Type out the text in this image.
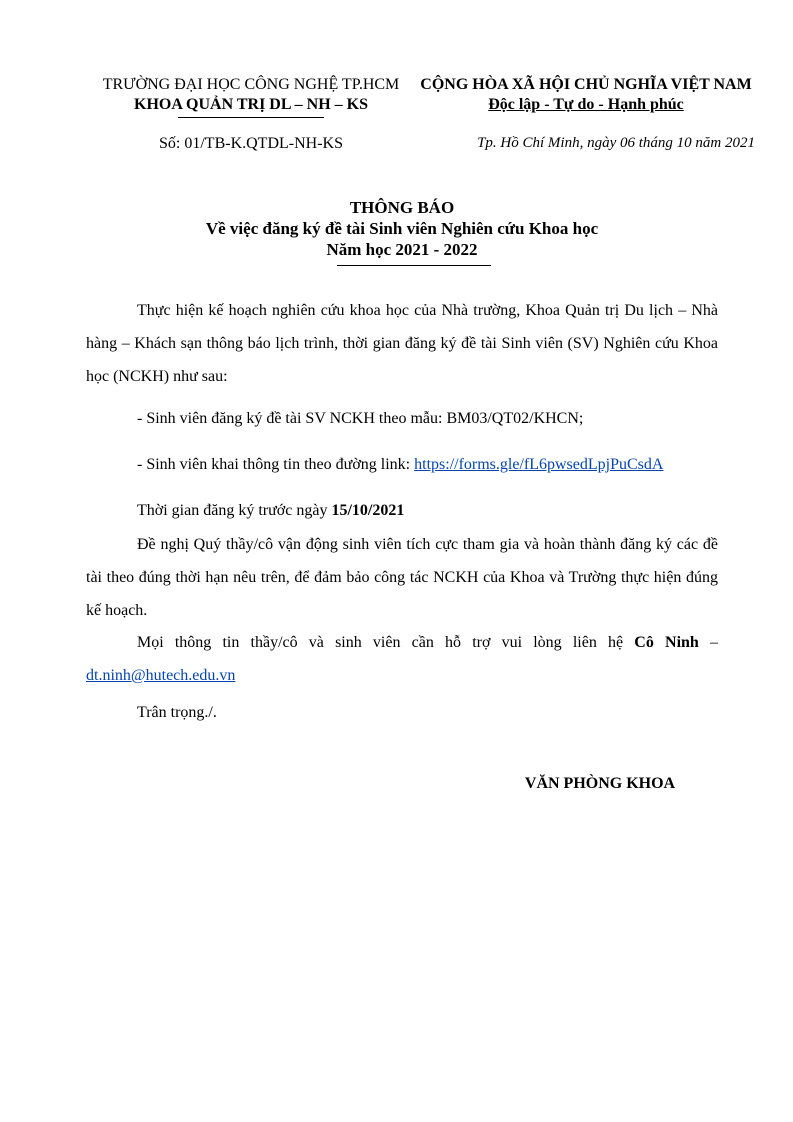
TRƯỜNG ĐẠI HỌC CÔNG NGHỆ TP.HCM
KHOA QUẢN TRỊ DL – NH – KS
CỘNG HÒA XÃ HỘI CHỦ NGHĨA VIỆT NAM
Độc lập - Tự do - Hạnh phúc
Số: 01/TB-K.QTDL-NH-KS	Tp. Hồ Chí Minh, ngày 06 tháng 10 năm 2021
THÔNG BÁO
Về việc đăng ký đề tài Sinh viên Nghiên cứu Khoa học
Năm học 2021 - 2022
Thực hiện kế hoạch nghiên cứu khoa học của Nhà trường, Khoa Quản trị Du lịch – Nhà hàng – Khách sạn thông báo lịch trình, thời gian đăng ký đề tài Sinh viên (SV) Nghiên cứu Khoa học (NCKH) như sau:
- Sinh viên đăng ký đề tài SV NCKH theo mẫu: BM03/QT02/KHCN;
- Sinh viên khai thông tin theo đường link: https://forms.gle/fL6pwsedLpjPuCsdA
Thời gian đăng ký trước ngày 15/10/2021
Đề nghị Quý thầy/cô vận động sinh viên tích cực tham gia và hoàn thành đăng ký các đề tài theo đúng thời hạn nêu trên, để đảm bảo công tác NCKH của Khoa và Trường thực hiện đúng kế hoạch.
Mọi thông tin thầy/cô và sinh viên cần hỗ trợ vui lòng liên hệ Cô Ninh – dt.ninh@hutech.edu.vn
Trân trọng./.
VĂN PHÒNG KHOA
